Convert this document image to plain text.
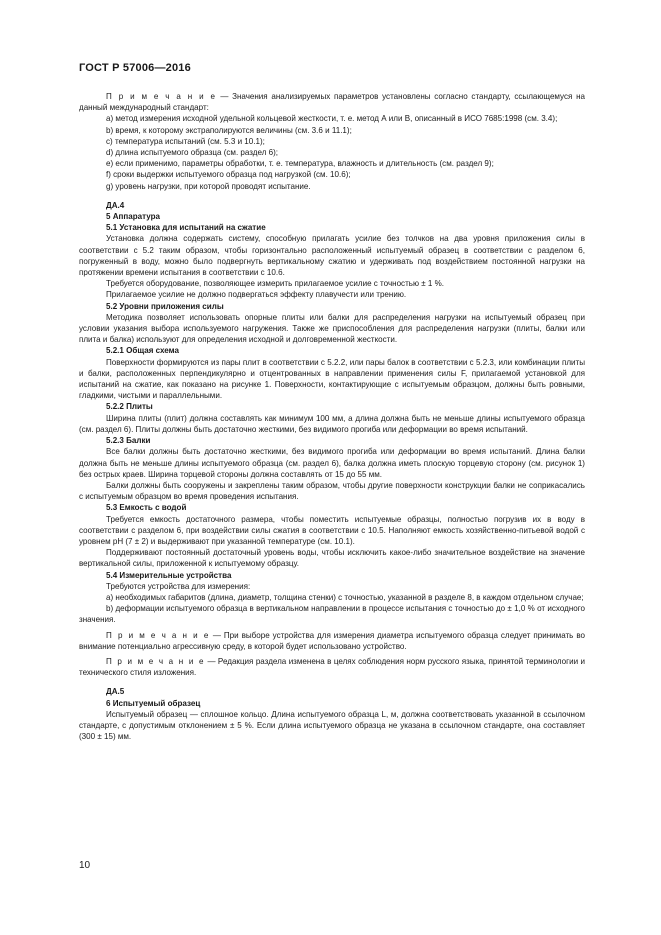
ГОСТ Р 57006—2016

П р и м е ч а н и е — Значения анализируемых параметров установлены согласно стандарту, ссылающемуся на данный международный стандарт:

a) метод измерения исходной удельной кольцевой жесткости, т. е. метод А или В, описанный в ИСО 7685:1998 (см. 3.4);

b) время, к которому экстраполируются величины (см. 3.6 и 11.1);

c) температура испытаний (см. 5.3 и 10.1);

d) длина испытуемого образца (см. раздел 6);

e) если применимо, параметры обработки, т. е. температура, влажность и длительность (см. раздел 9);

f) сроки выдержки испытуемого образца под нагрузкой (см. 10.6);

g) уровень нагрузки, при которой проводят испытание.

ДА.4
5 Аппаратура
5.1 Установка для испытаний на сжатие

Установка должна содержать систему, способную прилагать усилие без толчков на два уровня приложения силы в соответствии с 5.2 таким образом, чтобы горизонтально расположенный испытуемый образец в соответствии с разделом 6, погруженный в воду, можно было подвергнуть вертикальному сжатию и удерживать под воздействием постоянной нагрузки на протяжении времени испытания в соответствии с 10.6.

Требуется оборудование, позволяющее измерить прилагаемое усилие с точностью ± 1 %.

Прилагаемое усилие не должно подвергаться эффекту плавучести или трению.

5.2 Уровни приложения силы

Методика позволяет использовать опорные плиты или балки для распределения нагрузки на испытуемый образец при условии указания выбора используемого нагружения. Также же приспособления для распределения нагрузки (плиты, балки или плита и балка) используют для определения исходной и долговременной жесткости.

5.2.1 Общая схема

Поверхности формируются из пары плит в соответствии с 5.2.2, или пары балок в соответствии с 5.2.3, или комбинации плиты и балки, расположенных перпендикулярно и отцентрованных в направлении применения силы F, прилагаемой установкой для испытаний на сжатие, как показано на рисунке 1. Поверхности, контактирующие с испытуемым образцом, должны быть ровными, гладкими, чистыми и параллельными.

5.2.2 Плиты

Ширина плиты (плит) должна составлять как минимум 100 мм, а длина должна быть не меньше длины испытуемого образца (см. раздел 6). Плиты должны быть достаточно жесткими, без видимого прогиба или деформации во время испытаний.

5.2.3 Балки

Все балки должны быть достаточно жесткими, без видимого прогиба или деформации во время испытаний. Длина балки должна быть не меньше длины испытуемого образца (см. раздел 6), балка должна иметь плоскую торцевую сторону (см. рисунок 1) без острых краев. Ширина торцевой стороны должна составлять от 15 до 55 мм.

Балки должны быть сооружены и закреплены таким образом, чтобы другие поверхности конструкции балки не соприкасались с испытуемым образцом во время проведения испытания.

5.3 Емкость с водой

Требуется емкость достаточного размера, чтобы поместить испытуемые образцы, полностью погрузив их в воду в соответствии с разделом 6, при воздействии силы сжатия в соответствии с 10.5. Наполняют емкость хозяйственно-питьевой водой с уровнем pH (7 ± 2) и выдерживают при указанной температуре (см. 10.1).

Поддерживают постоянный достаточный уровень воды, чтобы исключить какое-либо значительное воздействие на значение вертикальной силы, приложенной к испытуемому образцу.

5.4 Измерительные устройства

Требуются устройства для измерения:

a) необходимых габаритов (длина, диаметр, толщина стенки) с точностью, указанной в разделе 8, в каждом отдельном случае;

b) деформации испытуемого образца в вертикальном направлении в процессе испытания с точностью до ± 1,0 % от исходного значения.

П р и м е ч а н и е — При выборе устройства для измерения диаметра испытуемого образца следует принимать во внимание потенциально агрессивную среду, в которой будет использовано устройство.

П р и м е ч а н и е — Редакция раздела изменена в целях соблюдения норм русского языка, принятой терминологии и технического стиля изложения.

ДА.5
6 Испытуемый образец

Испытуемый образец — сплошное кольцо. Длина испытуемого образца L, м, должна соответствовать указанной в ссылочном стандарте, с допустимым отклонением ± 5 %. Если длина испытуемого образца не указана в ссылочном стандарте, она составляет (300 ± 15) мм.

10
